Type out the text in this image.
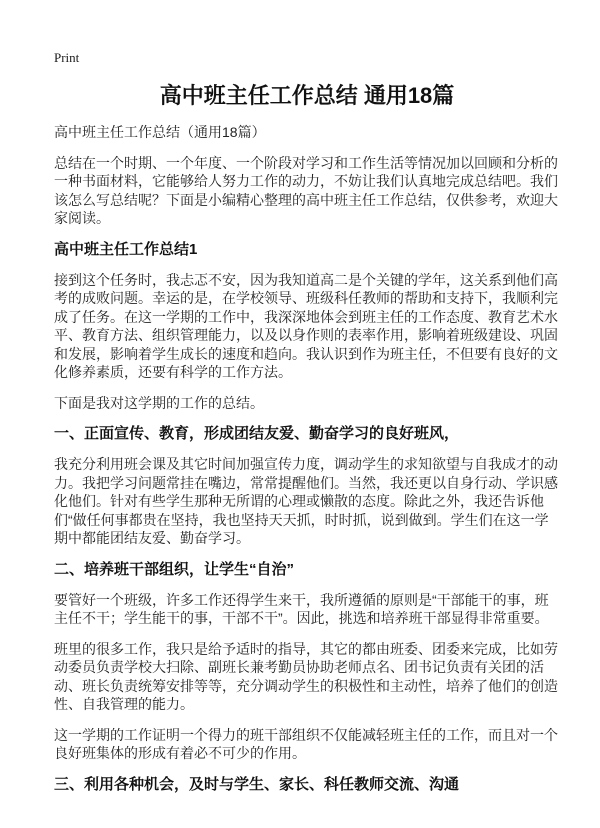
Print
高中班主任工作总结 通用18篇

高中班主任工作总结（通用18篇）

总结在一个时期、一个年度、一个阶段对学习和工作生活等情况加以回顾和分析的一种书面材料，它能够给人努力工作的动力，不妨让我们认真地完成总结吧。我们该怎么写总结呢？下面是小编精心整理的高中班主任工作总结，仅供参考，欢迎大家阅读。

高中班主任工作总结1

接到这个任务时，我忐忑不安，因为我知道高二是个关键的学年，这关系到他们高考的成败问题。幸运的是，在学校领导、班级科任教师的帮助和支持下，我顺利完成了任务。在这一学期的工作中，我深深地体会到班主任的工作态度、教育艺术水平、教育方法、组织管理能力，以及以身作则的表率作用，影响着班级建设、巩固和发展，影响着学生成长的速度和趋向。我认识到作为班主任，不但要有良好的文化修养素质，还要有科学的工作方法。

下面是我对这学期的工作的总结。

一、正面宣传、教育，形成团结友爱、勤奋学习的良好班风，

我充分利用班会课及其它时间加强宣传力度，调动学生的求知欲望与自我成才的动力。我把学习问题常挂在嘴边，常常提醒他们。当然，我还更以自身行动、学识感化他们。针对有些学生那种无所谓的心理或懒散的态度。除此之外，我还告诉他们“做任何事都贵在坚持，我也坚持天天抓，时时抓，说到做到。学生们在这一学期中都能团结友爱、勤奋学习。

二、培养班干部组织，让学生“自治”

要管好一个班级，许多工作还得学生来干，我所遵循的原则是“干部能干的事，班主任不干；学生能干的事，干部不干”。因此，挑选和培养班干部显得非常重要。

班里的很多工作，我只是给予适时的指导，其它的都由班委、团委来完成，比如劳动委员负责学校大扫除、副班长兼考勤员协助老师点名、团书记负责有关团的活动、班长负责统筹安排等等，充分调动学生的积极性和主动性，培养了他们的创造性、自我管理的能力。

这一学期的工作证明一个得力的班干部组织不仅能减轻班主任的工作，而且对一个良好班集体的形成有着必不可少的作用。

三、利用各种机会，及时与学生、家长、科任教师交流、沟通
